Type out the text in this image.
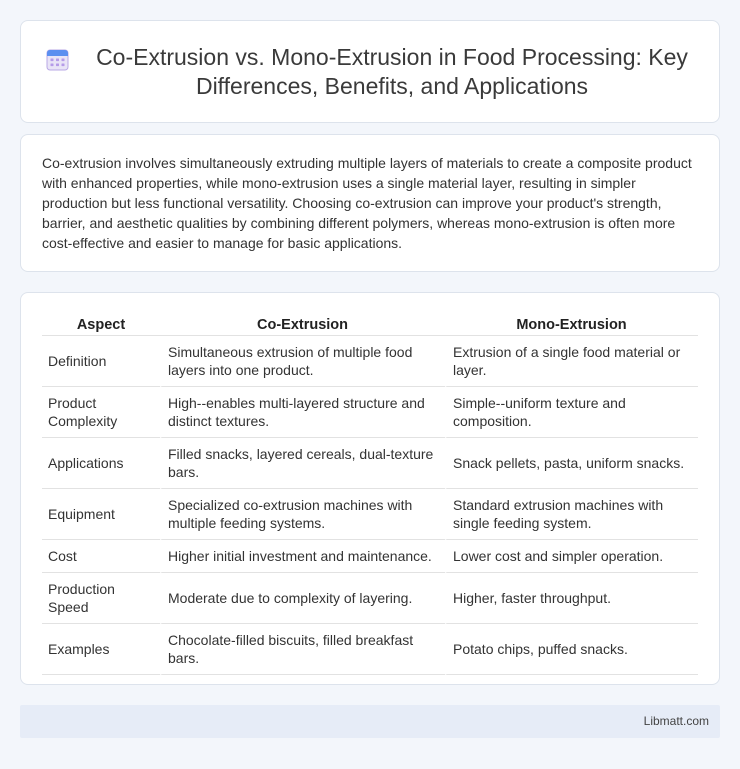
Co-Extrusion vs. Mono-Extrusion in Food Processing: Key Differences, Benefits, and Applications

Co-extrusion involves simultaneously extruding multiple layers of materials to create a composite product with enhanced properties, while mono-extrusion uses a single material layer, resulting in simpler production but less functional versatility. Choosing co-extrusion can improve your product's strength, barrier, and aesthetic qualities by combining different polymers, whereas mono-extrusion is often more cost-effective and easier to manage for basic applications.

Aspect	Co-Extrusion	Mono-Extrusion
Definition	Simultaneous extrusion of multiple food layers into one product.	Extrusion of a single food material or layer.
Product Complexity	High--enables multi-layered structure and distinct textures.	Simple--uniform texture and composition.
Applications	Filled snacks, layered cereals, dual-texture bars.	Snack pellets, pasta, uniform snacks.
Equipment	Specialized co-extrusion machines with multiple feeding systems.	Standard extrusion machines with single feeding system.
Cost	Higher initial investment and maintenance.	Lower cost and simpler operation.
Production Speed	Moderate due to complexity of layering.	Higher, faster throughput.
Examples	Chocolate-filled biscuits, filled breakfast bars.	Potato chips, puffed snacks.
Libmatt.com
